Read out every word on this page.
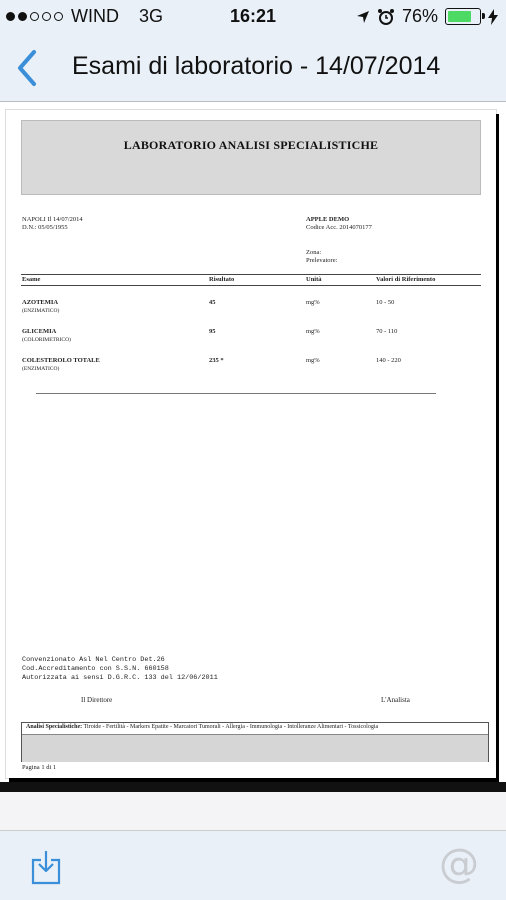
WIND 3G	16:21	76%
Esami di laboratorio - 14/07/2014
LABORATORIO ANALISI SPECIALISTICHE
NAPOLI Il 14/07/2014
D.N.: 05/05/1955
APPLE DEMO
Codice Acc. 2014070177
Zona:
Prelevatore:
Esame	Risultato	Unità	Valori di Riferimento
AZOTEMIA
(ENZIMATICO)
45	mg%	10 - 50
GLICEMIA
(COLORIMETRICO)
95	mg%	70 - 110
COLESTEROLO TOTALE
(ENZIMATICO)
235 *	mg%	140 - 220
Convenzionato Asl Nel Centro Det.26
Cod.Accreditamento con S.S.N. 660158
Autorizzata ai sensi D.G.R.C. 133 del 12/06/2011
Il Direttore	L'Analista
Analisi Specialistiche: Tiroide - Fertilità - Markers Epatite - Marcatori Tumorali - Allergia - Immunologia - Intolleranze Alimentari - Tossicologia
Pagina 1 di 1
@
